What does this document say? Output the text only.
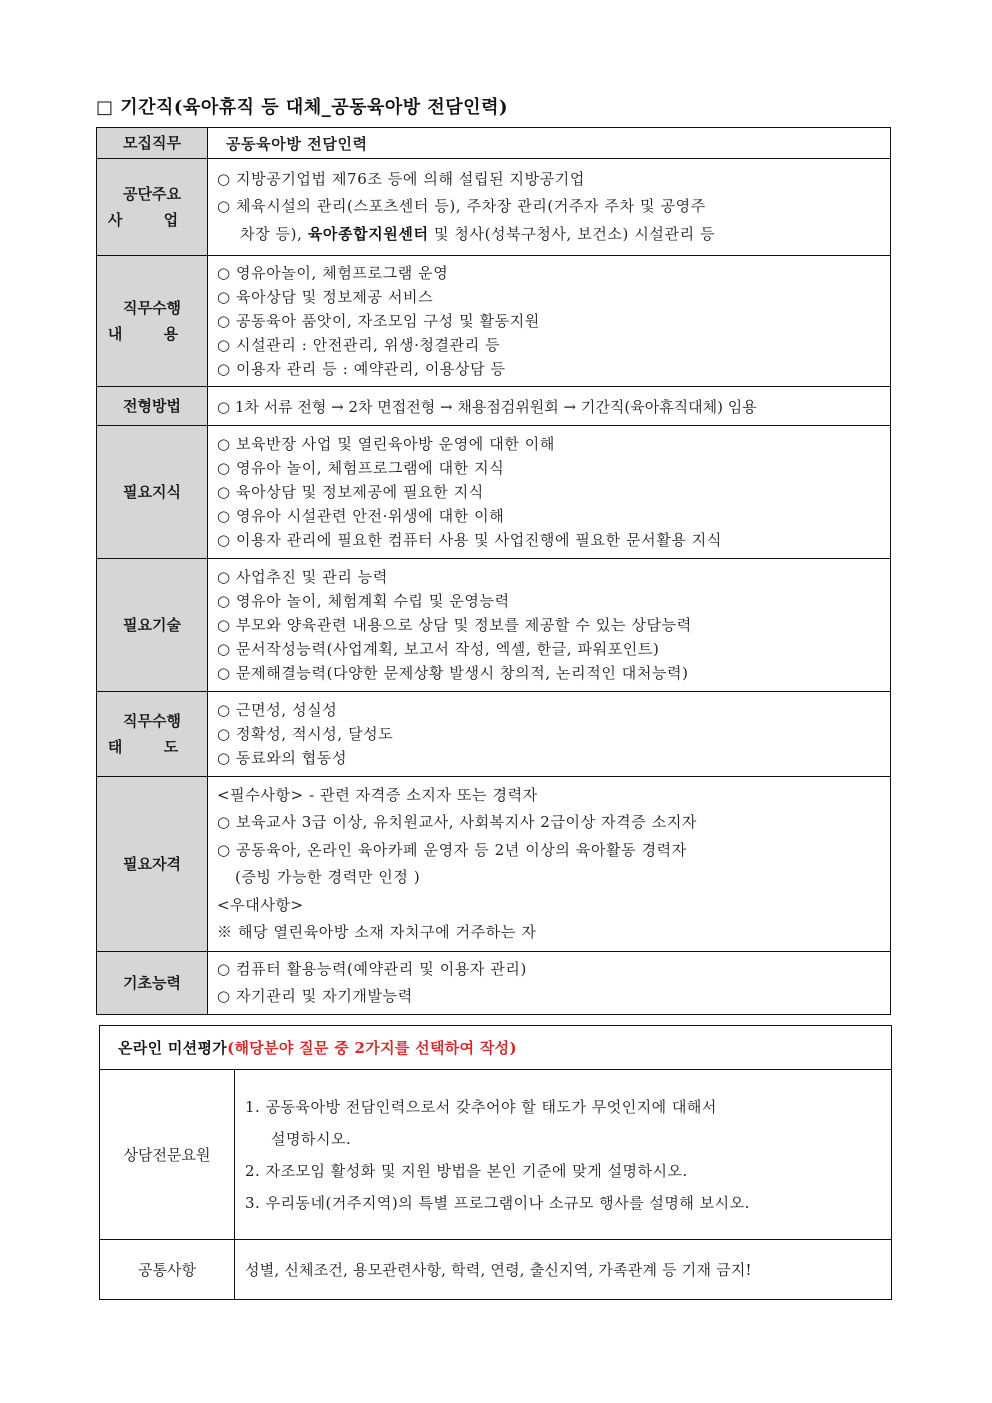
□ 기간직(육아휴직 등 대체_공동육아방 전담인력)
모집직무	공동육아방 전담인력

공단주요
사 업	○ 지방공기업법 제76조 등에 의해 설립된 지방공기업
○ 체육시설의 관리(스포츠센터 등), 주차장 관리(거주자 주차 및 공영주
차장 등), 육아종합지원센터 및 청사(성북구청사, 보건소) 시설관리 등

직무수행
내 용	○ 영유아놀이, 체험프로그램 운영
○ 육아상담 및 정보제공 서비스
○ 공동육아 품앗이, 자조모임 구성 및 활동지원
○ 시설관리 : 안전관리, 위생·청결관리 등
○ 이용자 관리 등 : 예약관리, 이용상담 등

전형방법	○ 1차 서류 전형 → 2차 면접전형 → 채용점검위원회 → 기간직(육아휴직대체) 임용

필요지식	○ 보육반장 사업 및 열린육아방 운영에 대한 이해
○ 영유아 놀이, 체험프로그램에 대한 지식
○ 육아상담 및 정보제공에 필요한 지식
○ 영유아 시설관련 안전·위생에 대한 이해
○ 이용자 관리에 필요한 컴퓨터 사용 및 사업진행에 필요한 문서활용 지식

필요기술	○ 사업추진 및 관리 능력
○ 영유아 놀이, 체험계획 수립 및 운영능력
○ 부모와 양육관련 내용으로 상담 및 정보를 제공할 수 있는 상담능력
○ 문서작성능력(사업계획, 보고서 작성, 엑셀, 한글, 파워포인트)
○ 문제해결능력(다양한 문제상황 발생시 창의적, 논리적인 대처능력)

직무수행
태 도	○ 근면성, 성실성
○ 정확성, 적시성, 달성도
○ 동료와의 협동성

필요자격	
<필수사항> - 관련 자격증 소지자 또는 경력자
○ 보육교사 3급 이상, 유치원교사, 사회복지사 2급이상 자격증 소지자
○ 공동육아, 온라인 육아카페 운영자 등 2년 이상의 육아활동 경력자
(증빙 가능한 경력만 인정 )
<우대사항>
※ 해당 열린육아방 소재 자치구에 거주하는 자

기초능력	○ 컴퓨터 활용능력(예약관리 및 이용자 관리)
○ 자기관리 및 자기개발능력
온라인 미션평가(해당분야 질문 중 2가지를 선택하여 작성)	
상담전문요원	1. 공동육아방 전담인력으로서 갖추어야 할 태도가 무엇인지에 대해서
설명하시오.
2. 자조모임 활성화 및 지원 방법을 본인 기준에 맞게 설명하시오.
3. 우리동네(거주지역)의 특별 프로그램이나 소규모 행사를 설명해 보시오.

공통사항	성별, 신체조건, 용모관련사항, 학력, 연령, 출신지역, 가족관계 등 기재 금지!
